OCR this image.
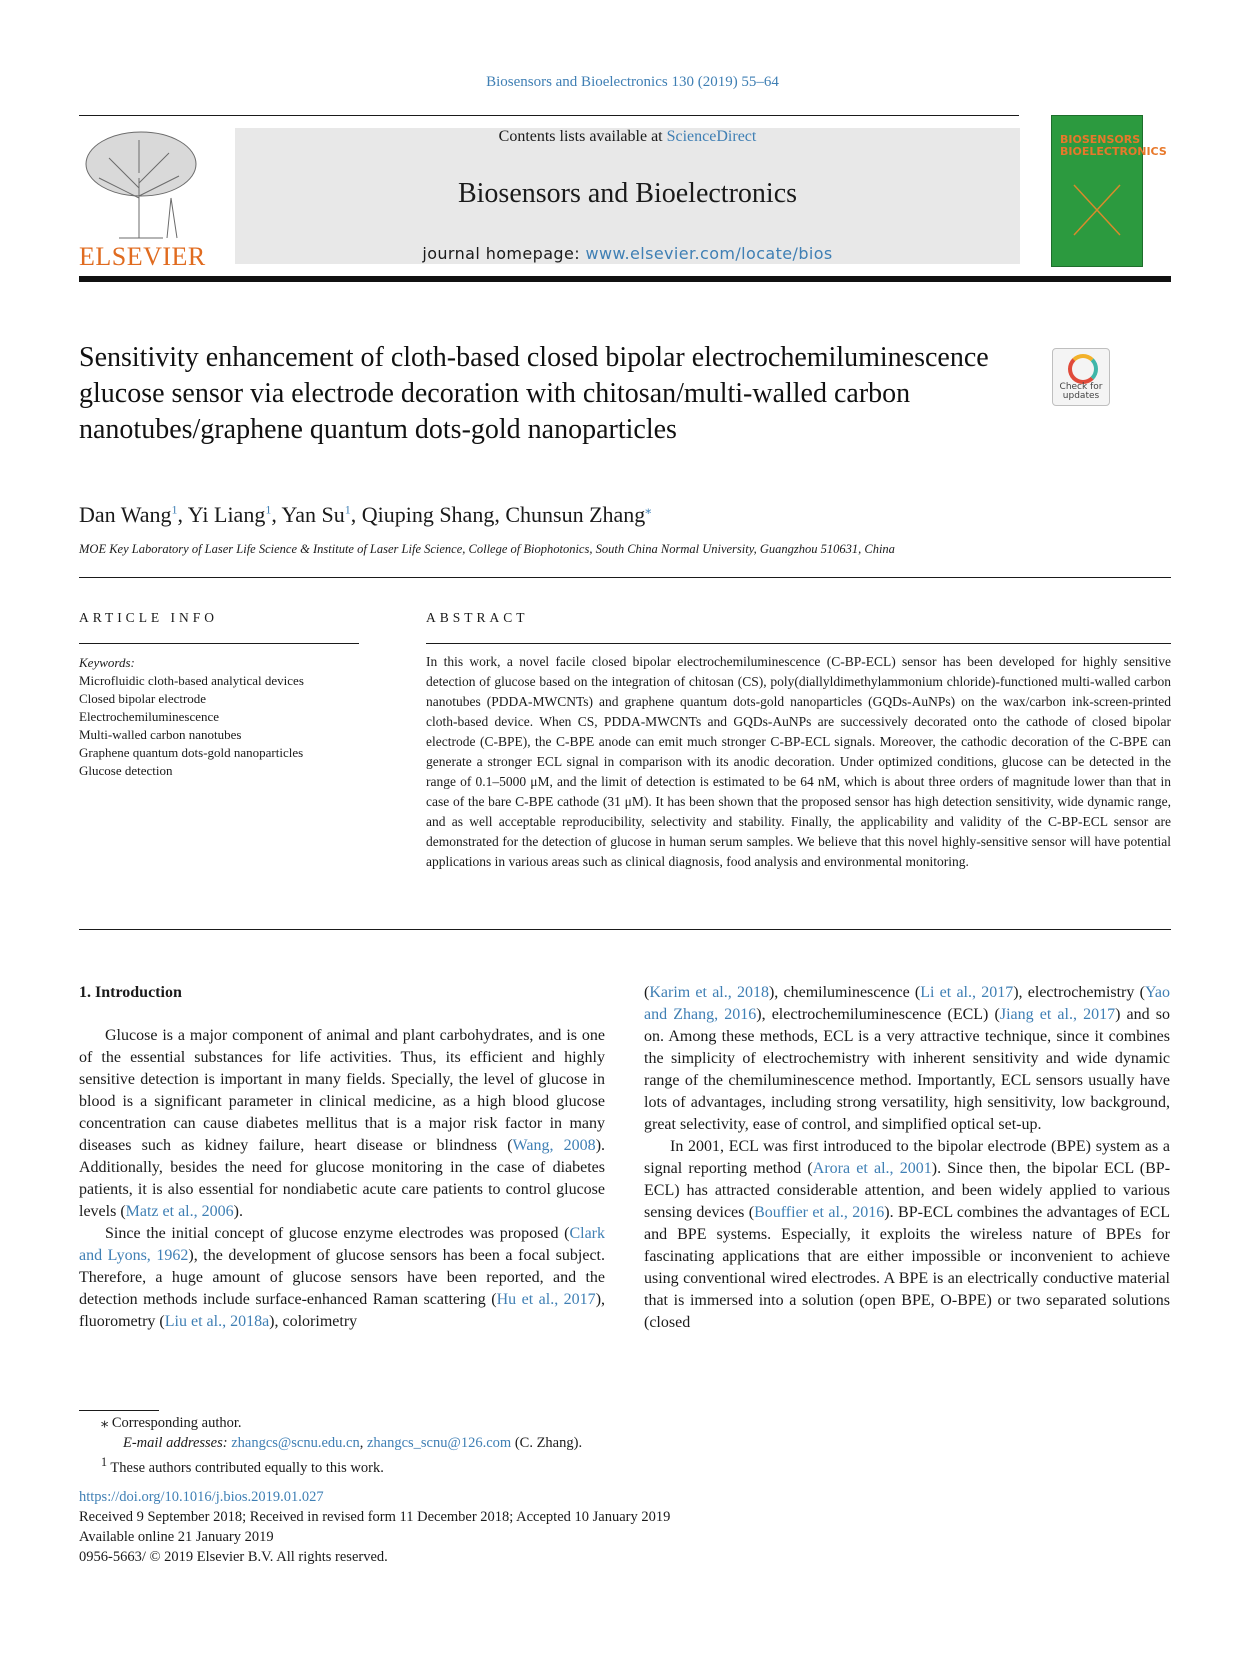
Biosensors and Bioelectronics 130 (2019) 55–64
ELSEVIER
Contents lists available at ScienceDirect
Biosensors and Bioelectronics
journal homepage: www.elsevier.com/locate/bios
BIOSENSORS BIOELECTRONICS
Sensitivity enhancement of cloth-based closed bipolar electrochemiluminescence glucose sensor via electrode decoration with chitosan/multi-walled carbon nanotubes/graphene quantum dots-gold nanoparticles
Check for updates
Dan Wang$^1$, Yi Liang$^1$, Yan Su$^1$, Qiuping Shang, Chunsun Zhang⁎
MOE Key Laboratory of Laser Life Science & Institute of Laser Life Science, College of Biophotonics, South China Normal University, Guangzhou 510631, China
ARTICLE INFO	ABSTRACT
Keywords:
Microfluidic cloth-based analytical devices
Closed bipolar electrode
Electrochemiluminescence
Multi-walled carbon nanotubes
Graphene quantum dots-gold nanoparticles
Glucose detection
In this work, a novel facile closed bipolar electrochemiluminescence (C-BP-ECL) sensor has been developed for highly sensitive detection of glucose based on the integration of chitosan (CS), poly(diallyldimethylammonium chloride)-functioned multi-walled carbon nanotubes (PDDA-MWCNTs) and graphene quantum dots-gold nanoparticles (GQDs-AuNPs) on the wax/carbon ink-screen-printed cloth-based device. When CS, PDDA-MWCNTs and GQDs-AuNPs are successively decorated onto the cathode of closed bipolar electrode (C-BPE), the C-BPE anode can emit much stronger C-BP-ECL signals. Moreover, the cathodic decoration of the C-BPE can generate a stronger ECL signal in comparison with its anodic decoration. Under optimized conditions, glucose can be detected in the range of 0.1–5000 μM, and the limit of detection is estimated to be 64 nM, which is about three orders of magnitude lower than that in case of the bare C-BPE cathode (31 μM). It has been shown that the proposed sensor has high detection sensitivity, wide dynamic range, and as well acceptable reproducibility, selectivity and stability. Finally, the applicability and validity of the C-BP-ECL sensor are demonstrated for the detection of glucose in human serum samples. We believe that this novel highly-sensitive sensor will have potential applications in various areas such as clinical diagnosis, food analysis and environmental monitoring.
1. Introduction

Glucose is a major component of animal and plant carbohydrates, and is one of the essential substances for life activities. Thus, its efficient and highly sensitive detection is important in many fields. Specially, the level of glucose in blood is a significant parameter in clinical medicine, as a high blood glucose concentration can cause diabetes mellitus that is a major risk factor in many diseases such as kidney failure, heart disease or blindness (Wang, 2008). Additionally, besides the need for glucose monitoring in the case of diabetes patients, it is also essential for nondiabetic acute care patients to control glucose levels (Matz et al., 2006).

Since the initial concept of glucose enzyme electrodes was proposed (Clark and Lyons, 1962), the development of glucose sensors has been a focal subject. Therefore, a huge amount of glucose sensors have been reported, and the detection methods include surface-enhanced Raman scattering (Hu et al., 2017), fluorometry (Liu et al., 2018a), colorimetry

(Karim et al., 2018), chemiluminescence (Li et al., 2017), electrochemistry (Yao and Zhang, 2016), electrochemiluminescence (ECL) (Jiang et al., 2017) and so on. Among these methods, ECL is a very attractive technique, since it combines the simplicity of electrochemistry with inherent sensitivity and wide dynamic range of the chemiluminescence method. Importantly, ECL sensors usually have lots of advantages, including strong versatility, high sensitivity, low background, great selectivity, ease of control, and simplified optical set-up.

In 2001, ECL was first introduced to the bipolar electrode (BPE) system as a signal reporting method (Arora et al., 2001). Since then, the bipolar ECL (BP-ECL) has attracted considerable attention, and been widely applied to various sensing devices (Bouffier et al., 2016). BP-ECL combines the advantages of ECL and BPE systems. Especially, it exploits the wireless nature of BPEs for fascinating applications that are either impossible or inconvenient to achieve using conventional wired electrodes. A BPE is an electrically conductive material that is immersed into a solution (open BPE, O-BPE) or two separated solutions (closed

⁎ Corresponding author.
E-mail addresses: zhangcs@scnu.edu.cn, zhangcs_scnu@126.com (C. Zhang).
$^1$ These authors contributed equally to this work.
https://doi.org/10.1016/j.bios.2019.01.027
Received 9 September 2018; Received in revised form 11 December 2018; Accepted 10 January 2019
Available online 21 January 2019
0956-5663/ © 2019 Elsevier B.V. All rights reserved.
